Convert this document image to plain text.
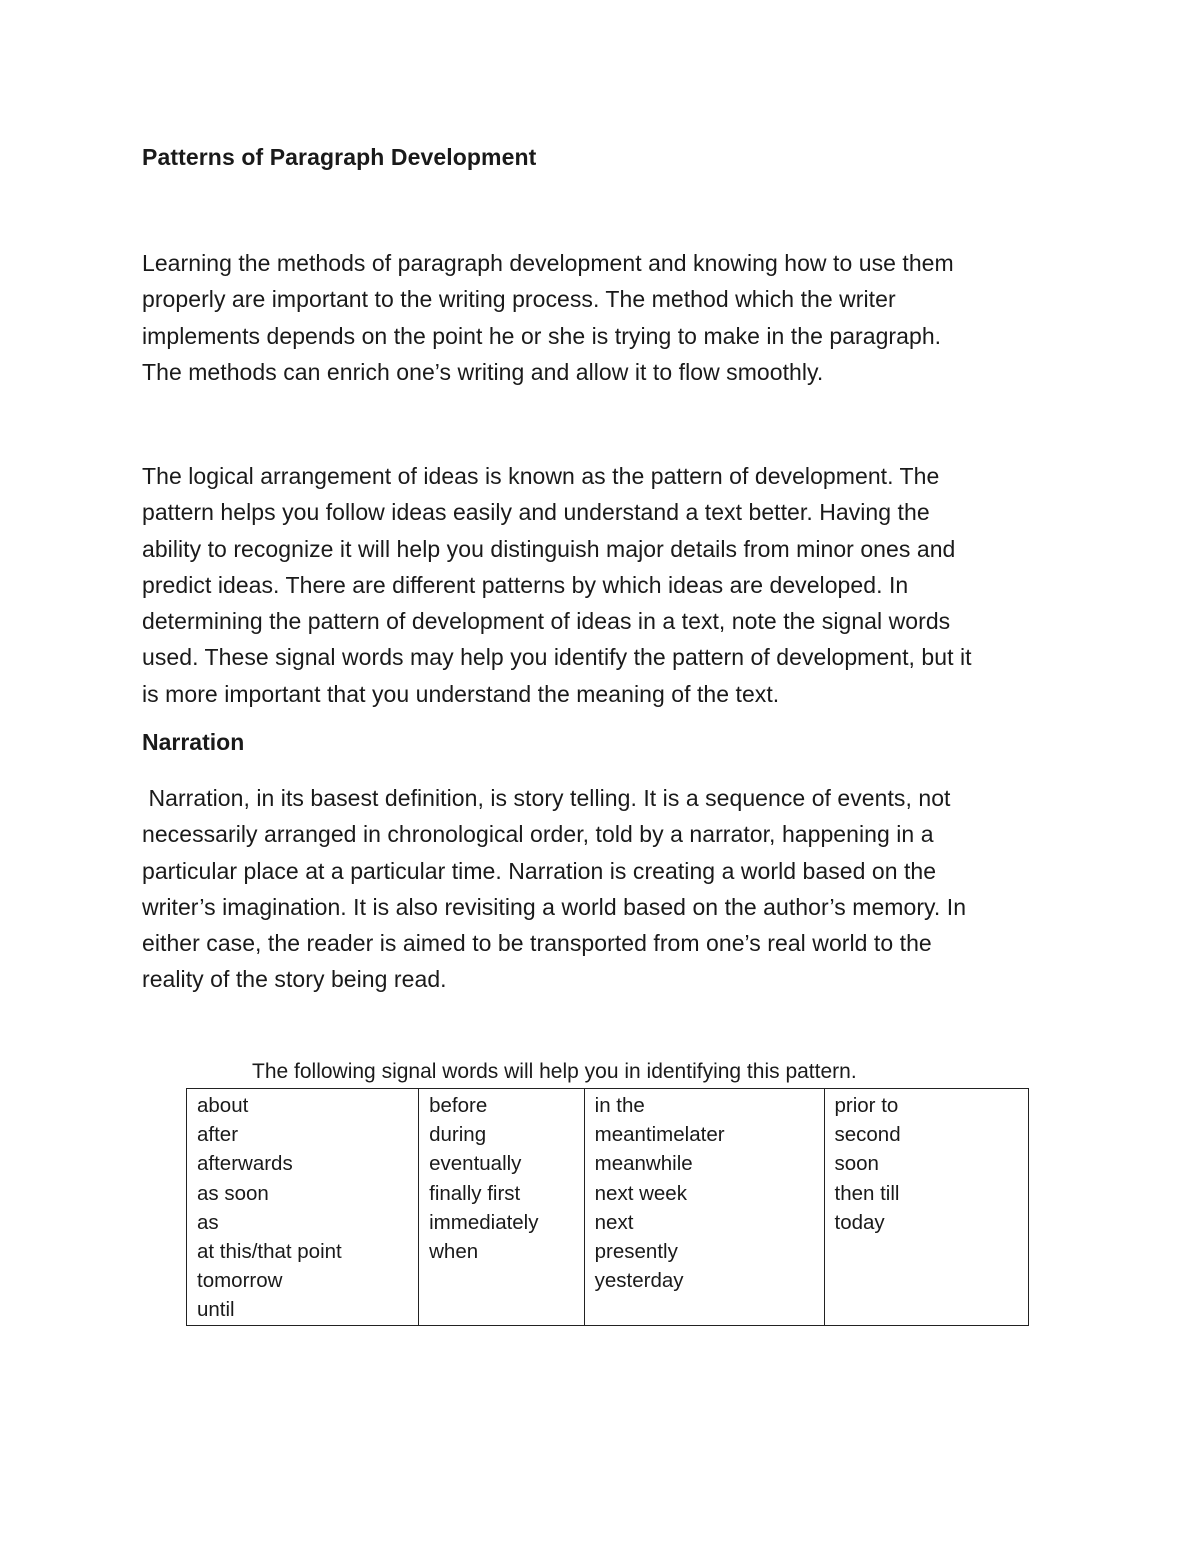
Patterns of Paragraph Development
Learning the methods of paragraph development and knowing how to use them
properly are important to the writing process. The method which the writer
implements depends on the point he or she is trying to make in the paragraph.
The methods can enrich one’s writing and allow it to flow smoothly.
The logical arrangement of ideas is known as the pattern of development. The
pattern helps you follow ideas easily and understand a text better. Having the
ability to recognize it will help you distinguish major details from minor ones and
predict ideas. There are different patterns by which ideas are developed. In
determining the pattern of development of ideas in a text, note the signal words
used. These signal words may help you identify the pattern of development, but it
is more important that you understand the meaning of the text.
Narration
Narration, in its basest definition, is story telling. It is a sequence of events, not
necessarily arranged in chronological order, told by a narrator, happening in a
particular place at a particular time. Narration is creating a world based on the
writer’s imagination. It is also revisiting a world based on the author’s memory. In
either case, the reader is aimed to be transported from one’s real world to the
reality of the story being read.
The following signal words will help you in identifying this pattern.
about
after
afterwards
as soon
as
at this/that point
tomorrow
until

before
during
eventually
finally first
immediately
when

in the
meantimelater
meanwhile
next week
next
presently
yesterday

prior to
second
soon
then till
today
